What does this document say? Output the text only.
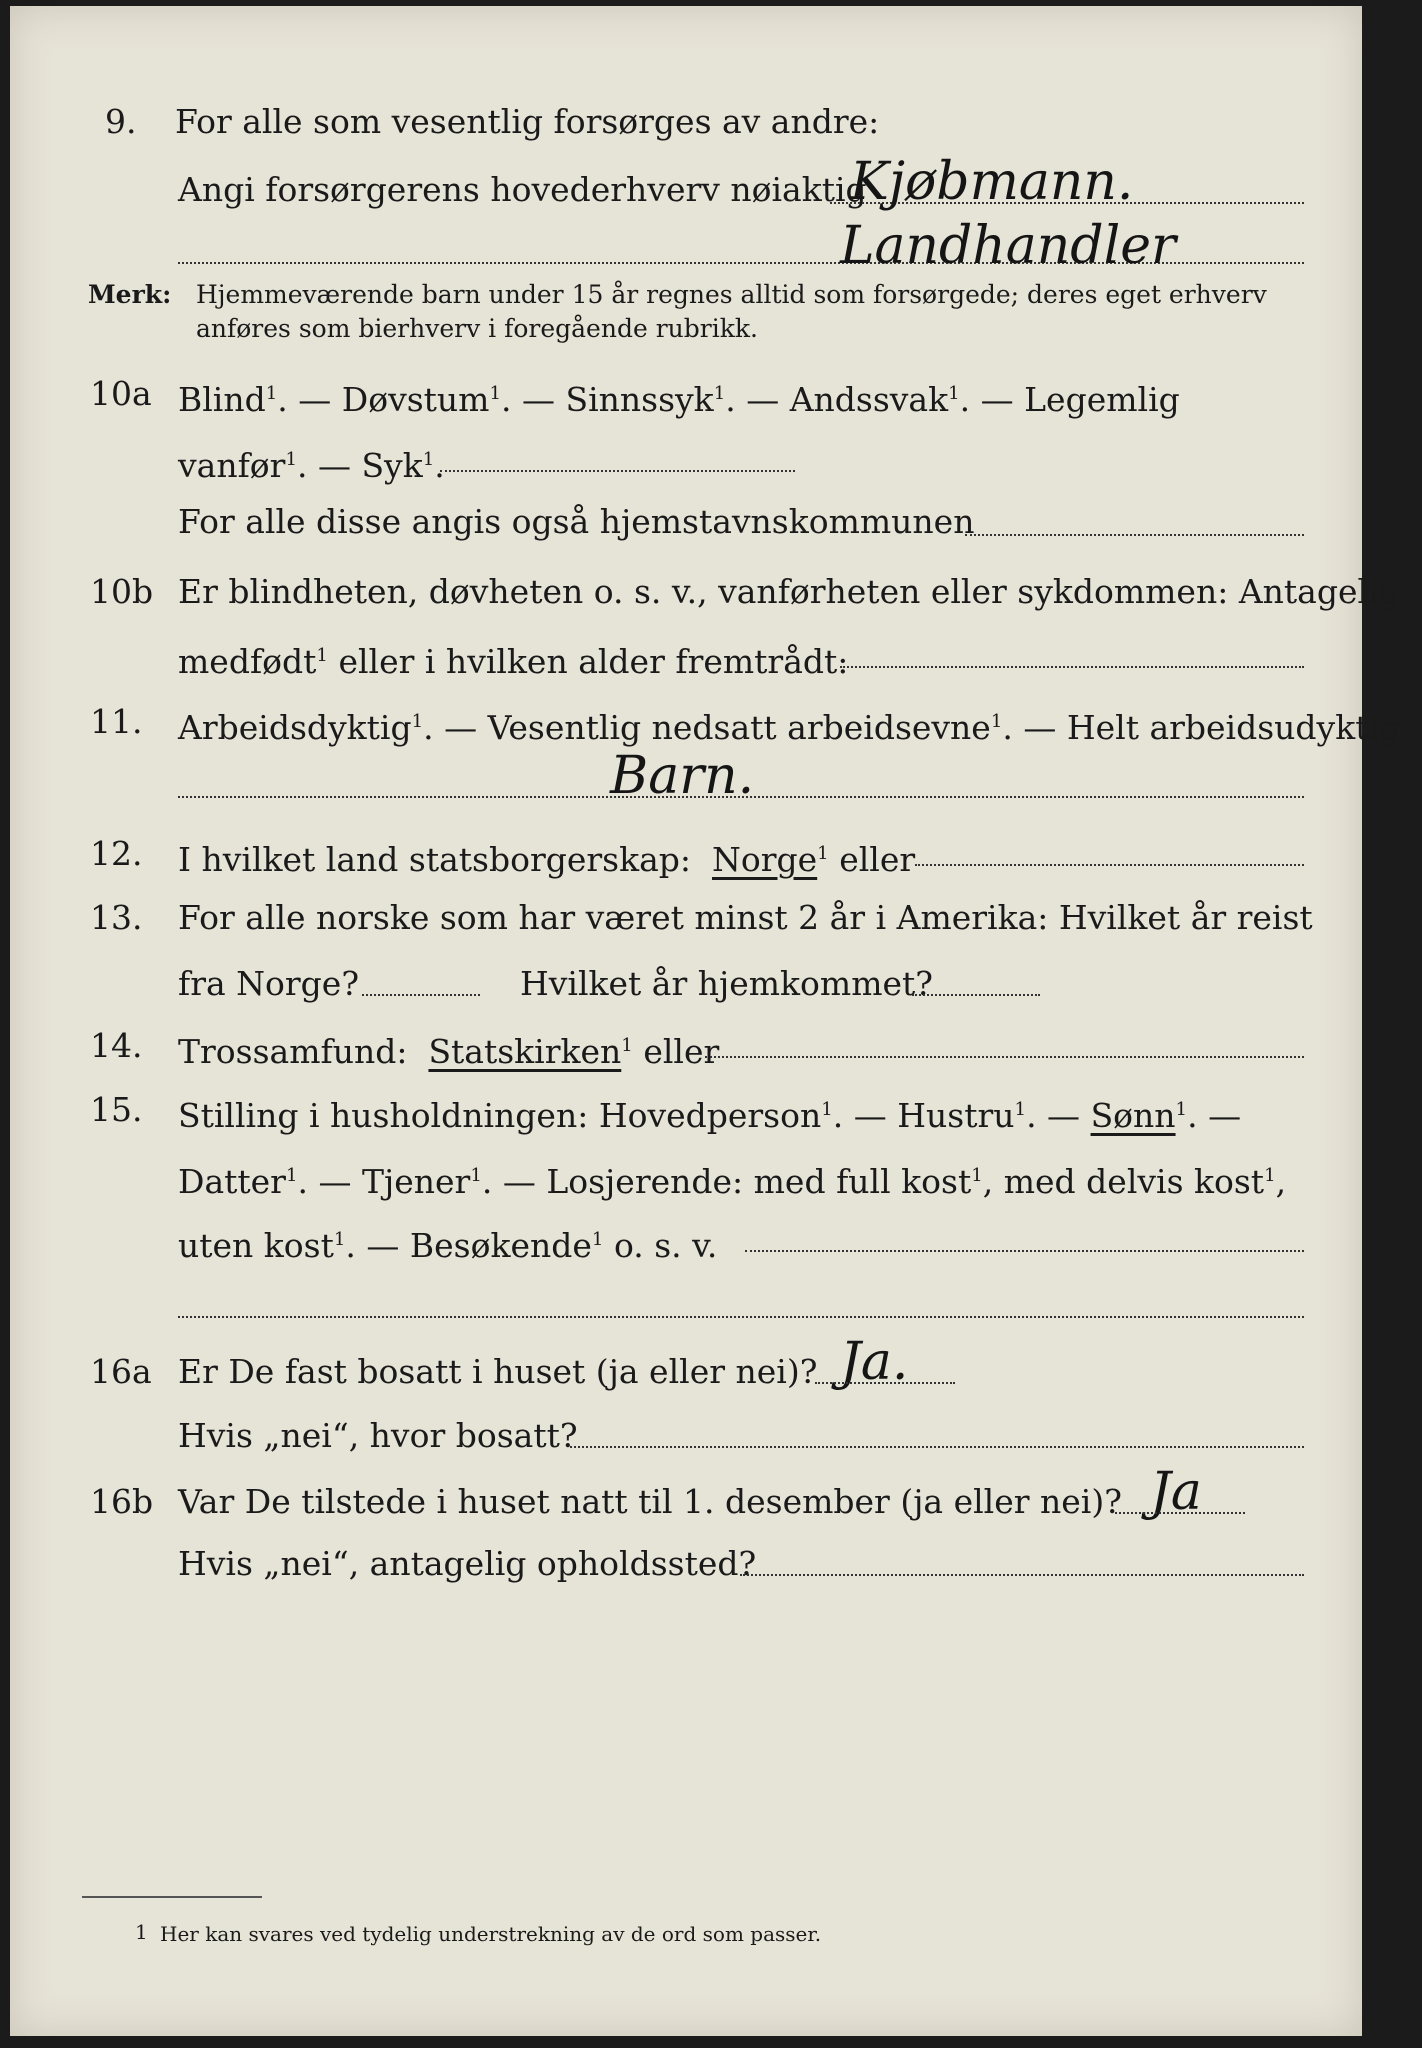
9. For alle som vesentlig forsørges av andre:
Angi forsørgerens hovederhverv nøiaktig
Kjøbmann.
Landhandler
Merk: Hjemmeværende barn under 15 år regnes alltid som forsørgede; deres eget erhverv
anføres som bierhverv i foregående rubrikk.
10a Blind$^1$. — Døvstum$^1$. — Sinnssyk$^1$. — Andssvak$^1$. — Legemlig
vanfør$^1$. — Syk$^1$.
For alle disse angis også hjemstavnskommunen
10b Er blindheten, døvheten o. s. v., vanførheten eller sykdommen: Antagelig
medfødt$^1$ eller i hvilken alder fremtrådt:
11. Arbeidsdyktig$^1$. — Vesentlig nedsatt arbeidsevne$^1$. — Helt arbeidsudyktig$^1$.
Barn.
12. I hvilket land statsborgerskap: Norge$^1$ eller
13. For alle norske som har været minst 2 år i Amerika: Hvilket år reist
fra Norge?	Hvilket år hjemkommet?
14. Trossamfund: Statskirken$^1$ eller
15. Stilling i husholdningen: Hovedperson$^1$. — Hustru$^1$. — Sønn$^1$. —
Datter$^1$. — Tjener$^1$. — Losjerende: med full kost$^1$, med delvis kost$^1$,
uten kost$^1$. — Besøkende$^1$ o. s. v.
16a Er De fast bosatt i huset (ja eller nei)? Ja.
Hvis „nei“, hvor bosatt?
16b Var De tilstede i huset natt til 1. desember (ja eller nei)? Ja
Hvis „nei“, antagelig opholdssted?
1 Her kan svares ved tydelig understrekning av de ord som passer.
